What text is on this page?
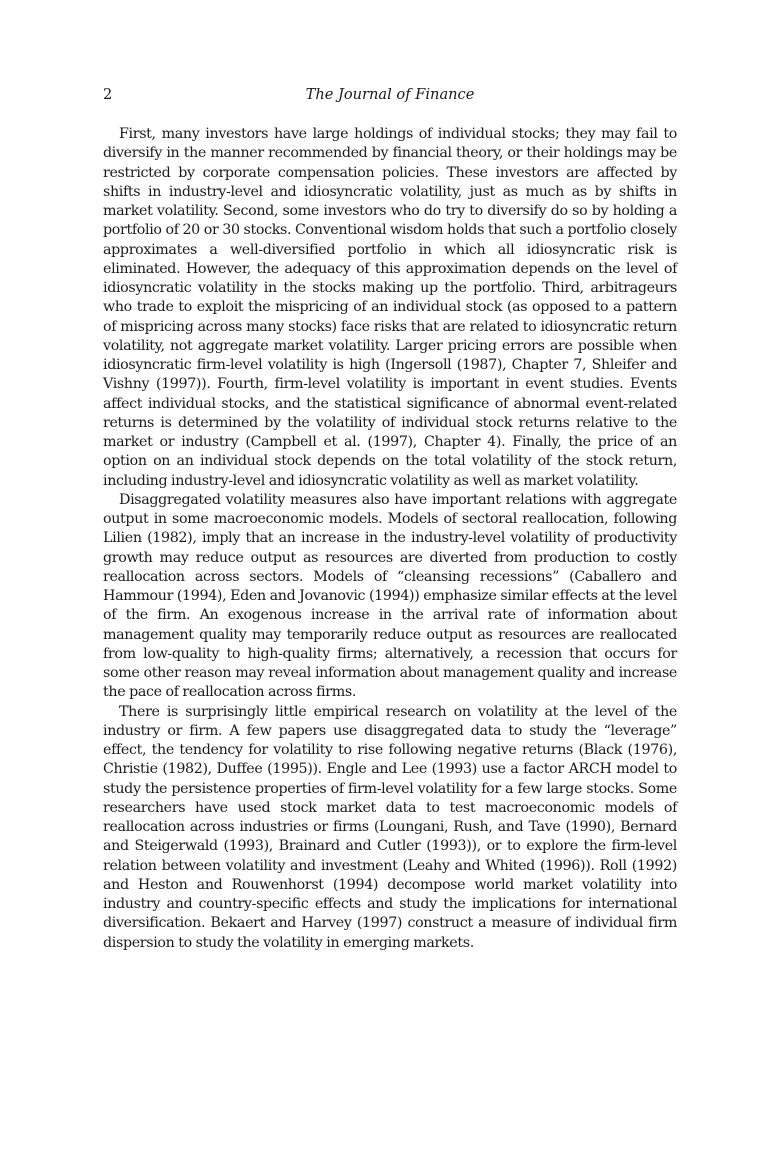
2	The Journal of Finance

First, many investors have large holdings of individual stocks; they may fail to diversify in the manner recommended by financial theory, or their holdings may be restricted by corporate compensation policies. These investors are affected by shifts in industry-level and idiosyncratic volatility, just as much as by shifts in market volatility. Second, some investors who do try to diversify do so by holding a portfolio of 20 or 30 stocks. Conventional wisdom holds that such a portfolio closely approximates a well-diversified portfolio in which all idiosyncratic risk is eliminated. However, the adequacy of this approximation depends on the level of idiosyncratic volatility in the stocks making up the portfolio. Third, arbitrageurs who trade to exploit the mispricing of an individual stock (as opposed to a pattern of mispricing across many stocks) face risks that are related to idiosyncratic return volatility, not aggregate market volatility. Larger pricing errors are possible when idiosyncratic firm-level volatility is high (Ingersoll (1987), Chapter 7, Shleifer and Vishny (1997)). Fourth, firm-level volatility is important in event studies. Events affect individual stocks, and the statistical significance of abnormal event-related returns is determined by the volatility of individual stock returns relative to the market or industry (Campbell et al. (1997), Chapter 4). Finally, the price of an option on an individual stock depends on the total volatility of the stock return, including industry-level and idiosyncratic volatility as well as market volatility.

Disaggregated volatility measures also have important relations with aggregate output in some macroeconomic models. Models of sectoral reallocation, following Lilien (1982), imply that an increase in the industry-level volatility of productivity growth may reduce output as resources are diverted from production to costly reallocation across sectors. Models of “cleansing recessions” (Caballero and Hammour (1994), Eden and Jovanovic (1994)) emphasize similar effects at the level of the firm. An exogenous increase in the arrival rate of information about management quality may temporarily reduce output as resources are reallocated from low-quality to high-quality firms; alternatively, a recession that occurs for some other reason may reveal information about management quality and increase the pace of reallocation across firms.

There is surprisingly little empirical research on volatility at the level of the industry or firm. A few papers use disaggregated data to study the “leverage” effect, the tendency for volatility to rise following negative returns (Black (1976), Christie (1982), Duffee (1995)). Engle and Lee (1993) use a factor ARCH model to study the persistence properties of firm-level volatility for a few large stocks. Some researchers have used stock market data to test macroeconomic models of reallocation across industries or firms (Loungani, Rush, and Tave (1990), Bernard and Steigerwald (1993), Brainard and Cutler (1993)), or to explore the firm-level relation between volatility and investment (Leahy and Whited (1996)). Roll (1992) and Heston and Rouwenhorst (1994) decompose world market volatility into industry and country-specific effects and study the implications for international diversification. Bekaert and Harvey (1997) construct a measure of individual firm dispersion to study the volatility in emerging markets.
